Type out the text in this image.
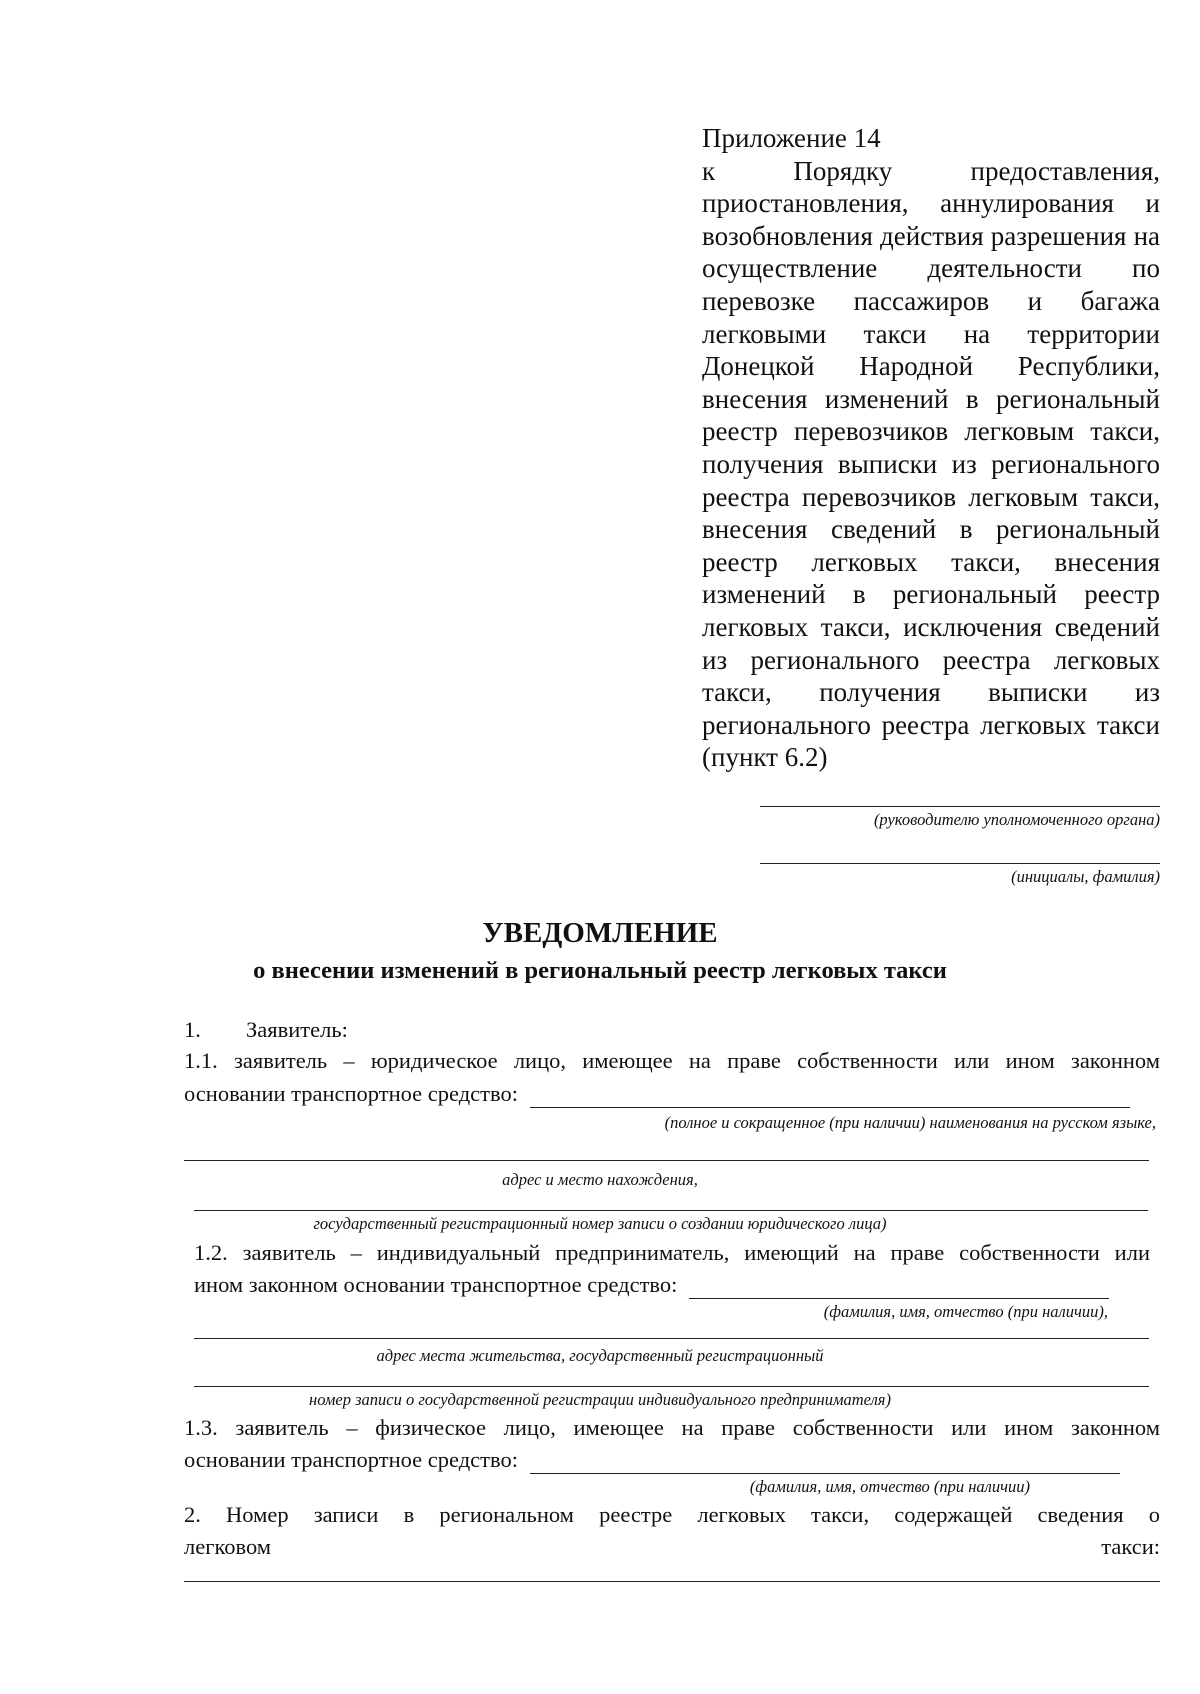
Приложение 14
к Порядку предоставления, приостановления, аннулирования и возобновления действия разрешения на осуществление деятельности по перевозке пассажиров и багажа легковыми такси на территории Донецкой Народной Республики, внесения изменений в региональный реестр перевозчиков легковым такси, получения выписки из регионального реестра перевозчиков легковым такси, внесения сведений в региональный реестр легковых такси, внесения изменений в региональный реестр легковых такси, исключения сведений из регионального реестра легковых такси, получения выписки из регионального реестра легковых такси (пункт 6.2)
(руководителю уполномоченного органа)
(инициалы, фамилия)
УВЕДОМЛЕНИЕ
о внесении изменений в региональный реестр легковых такси
1. Заявитель:
1.1. заявитель – юридическое лицо, имеющее на праве собственности или ином законном
основании транспортное средство:
(полное и сокращенное (при наличии) наименования на русском языке,
адрес и место нахождения,
государственный регистрационный номер записи о создании юридического лица)
1.2. заявитель – индивидуальный предприниматель, имеющий на праве собственности или
ином законном основании транспортное средство:
(фамилия, имя, отчество (при наличии),
адрес места жительства, государственный регистрационный
номер записи о государственной регистрации индивидуального предпринимателя)
1.3. заявитель – физическое лицо, имеющее на праве собственности или ином законном
основании транспортное средство:
(фамилия, имя, отчество (при наличии)
2. Номер записи в региональном реестре легковых такси, содержащей сведения о
легковом	такси:
